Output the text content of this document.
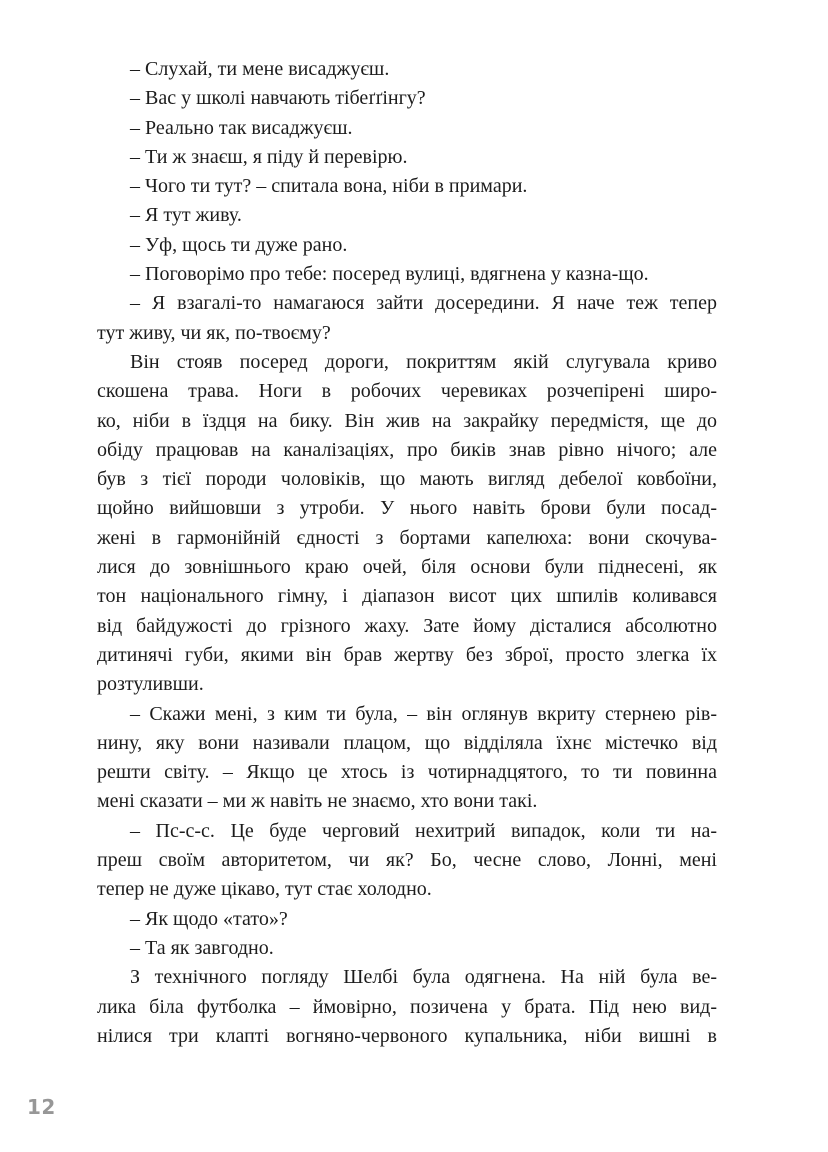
– Слухай, ти мене висаджуєш.
– Вас у школі навчають тібеґґінгу?
– Реально так висаджуєш.
– Ти ж знаєш, я піду й перевірю.
– Чого ти тут? – спитала вона, ніби в примари.
– Я тут живу.
– Уф, щось ти дуже рано.
– Поговорімо про тебе: посеред вулиці, вдягнена у казна-що.
– Я взагалі-то намагаюся зайти досередини. Я наче теж тепер
тут живу, чи як, по-твоєму?
Він стояв посеред дороги, покриттям якій слугувала криво
скошена трава. Ноги в робочих черевиках розчепірені широ-
ко, ніби в їздця на бику. Він жив на закрайку передмістя, ще до
обіду працював на каналізаціях, про биків знав рівно нічого; але
був з тієї породи чоловіків, що мають вигляд дебелої ковбоїни,
щойно вийшовши з утроби. У нього навіть брови були посад-
жені в гармонійній єдності з бортами капелюха: вони скочува-
лися до зовнішнього краю очей, біля основи були піднесені, як
тон національного гімну, і діапазон висот цих шпилів коливався
від байдужості до грізного жаху. Зате йому дісталися абсолютно
дитинячі губи, якими він брав жертву без зброї, просто злегка їх
розтуливши.
– Скажи мені, з ким ти була, – він оглянув вкриту стернею рів-
нину, яку вони називали плацом, що відділяла їхнє містечко від
решти світу. – Якщо це хтось із чотирнадцятого, то ти повинна
мені сказати – ми ж навіть не знаємо, хто вони такі.
– Пс-с-с. Це буде черговий нехитрий випадок, коли ти на-
преш своїм авторитетом, чи як? Бо, чесне слово, Лонні, мені
тепер не дуже цікаво, тут стає холодно.
– Як щодо «тато»?
– Та як завгодно.
З технічного погляду Шелбі була одягнена. На ній була ве-
лика біла футболка – ймовірно, позичена у брата. Під нею вид-
нілися три клапті вогняно-червоного купальника, ніби вишні в
12
